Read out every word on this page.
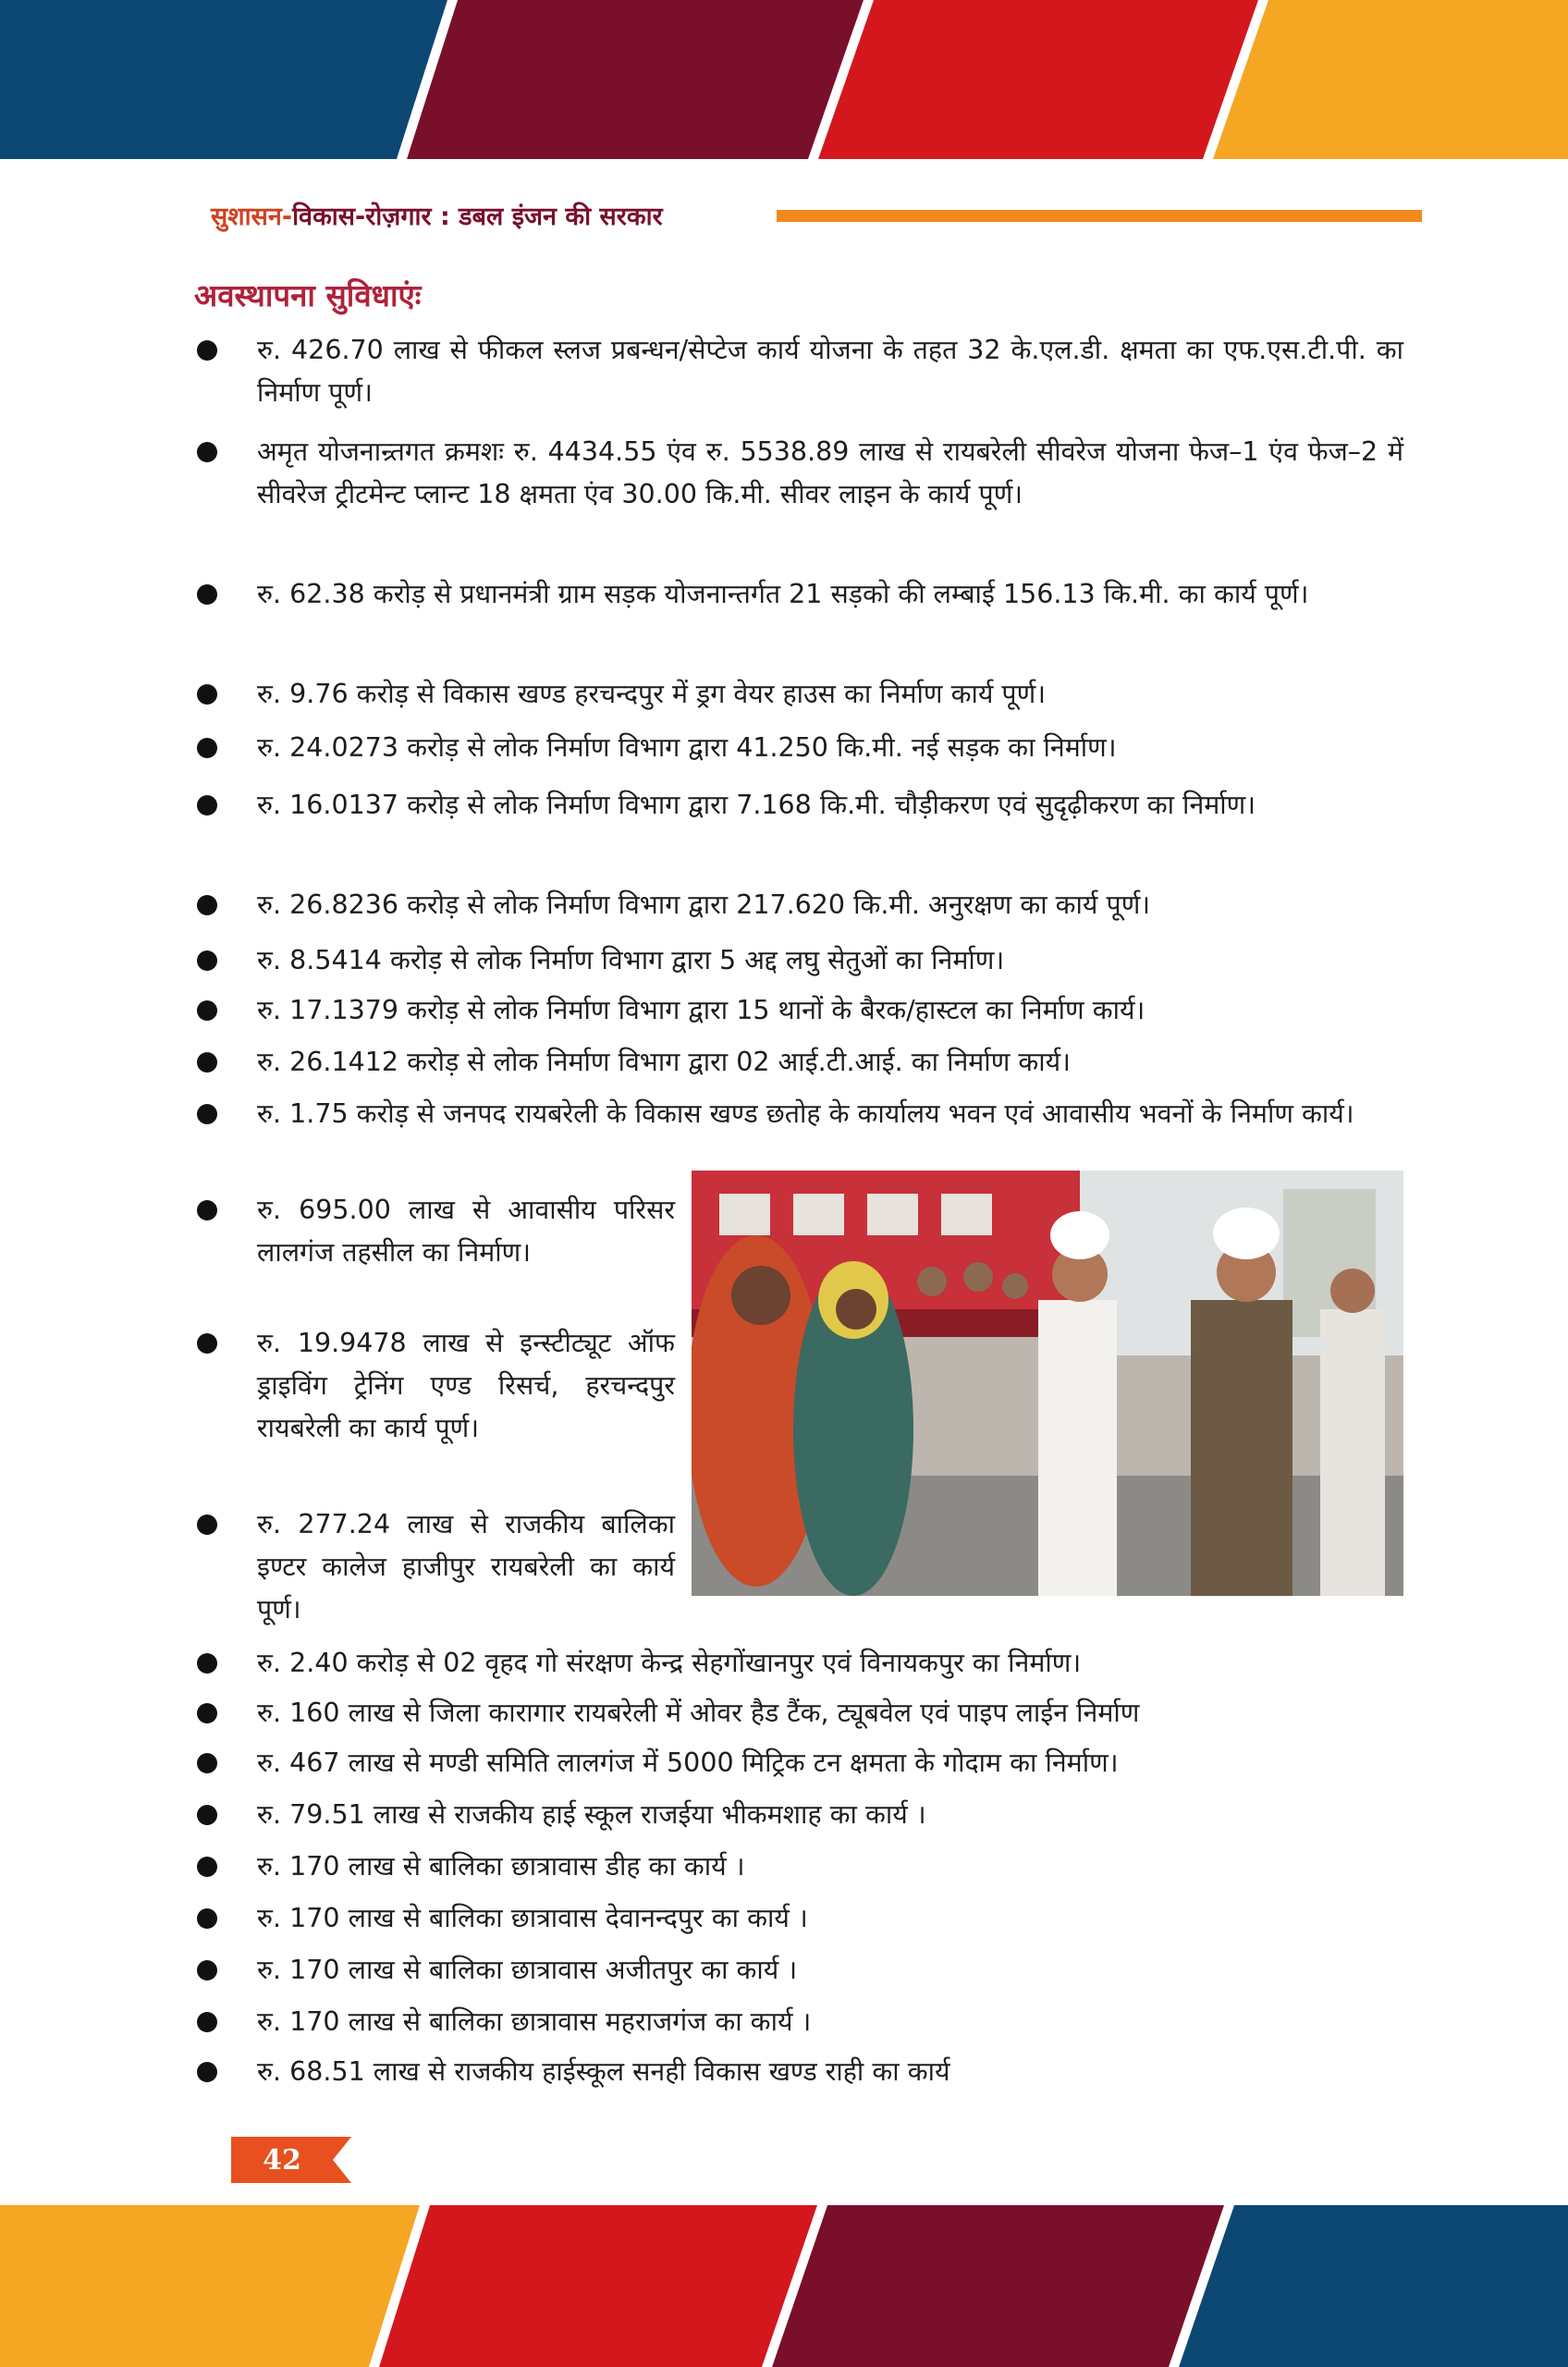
सुशासन-विकास-रोज़गार : डबल इंजन की सरकार
अवस्थापना सुविधाएंः
रु. 426.70 लाख से फीकल स्लज प्रबन्धन/सेप्टेज कार्य योजना के तहत 32 के.एल.डी. क्षमता का एफ.एस.टी.पी. का निर्माण पूर्ण।
अमृत योजनान्र्तगत क्रमशः रु. 4434.55 एंव रु. 5538.89 लाख से रायबरेली सीवरेज योजना फेज–1 एंव फेज–2 में सीवरेज ट्रीटमेन्ट प्लान्ट 18 क्षमता एंव 30.00 कि.मी. सीवर लाइन के कार्य पूर्ण।
रु. 62.38 करोड़ से प्रधानमंत्री ग्राम सड़क योजनान्तर्गत 21 सड़को की लम्बाई 156.13 कि.मी. का कार्य पूर्ण।
रु. 9.76 करोड़ से विकास खण्ड हरचन्दपुर में ड्रग वेयर हाउस का निर्माण कार्य पूर्ण।
रु. 24.0273 करोड़ से लोक निर्माण विभाग द्वारा 41.250 कि.मी. नई सड़क का निर्माण।
रु. 16.0137 करोड़ से लोक निर्माण विभाग द्वारा 7.168 कि.मी. चौड़ीकरण एवं सुदृढ़ीकरण का निर्माण।
रु. 26.8236 करोड़ से लोक निर्माण विभाग द्वारा 217.620 कि.मी. अनुरक्षण का कार्य पूर्ण।
रु. 8.5414 करोड़ से लोक निर्माण विभाग द्वारा 5 अद्द लघु सेतुओं का निर्माण।
रु. 17.1379 करोड़ से लोक निर्माण विभाग द्वारा 15 थानों के बैरक/हास्टल का निर्माण कार्य।
रु. 26.1412 करोड़ से लोक निर्माण विभाग द्वारा 02 आई.टी.आई. का निर्माण कार्य।
रु. 1.75 करोड़ से जनपद रायबरेली के विकास खण्ड छतोह के कार्यालय भवन एवं आवासीय भवनों के निर्माण कार्य।
रु. 695.00 लाख से आवासीय परिसर लालगंज तहसील का निर्माण।
रु. 19.9478 लाख से इन्स्टीट्यूट ऑफ ड्राइविंग ट्रेनिंग एण्ड रिसर्च, हरचन्दपुर रायबरेली का कार्य पूर्ण।
रु. 277.24 लाख से राजकीय बालिका इण्टर कालेज हाजीपुर रायबरेली का कार्य पूर्ण।
रु. 2.40 करोड़ से 02 वृहद गो संरक्षण केन्द्र सेहगोंखानपुर एवं विनायकपुर का निर्माण।
रु. 160 लाख से जिला कारागार रायबरेली में ओवर हैड टैंक, ट्यूबवेल एवं पाइप लाईन निर्माण
रु. 467 लाख से मण्डी समिति लालगंज में 5000 मिट्रिक टन क्षमता के गोदाम का निर्माण।
रु. 79.51 लाख से राजकीय हाई स्कूल राजईया भीकमशाह का कार्य ।
रु. 170 लाख से बालिका छात्रावास डीह का कार्य ।
रु. 170 लाख से बालिका छात्रावास देवानन्दपुर का कार्य ।
रु. 170 लाख से बालिका छात्रावास अजीतपुर का कार्य ।
रु. 170 लाख से बालिका छात्रावास महराजगंज का कार्य ।
रु. 68.51 लाख से राजकीय हाईस्कूल सनही विकास खण्ड राही का कार्य
42
